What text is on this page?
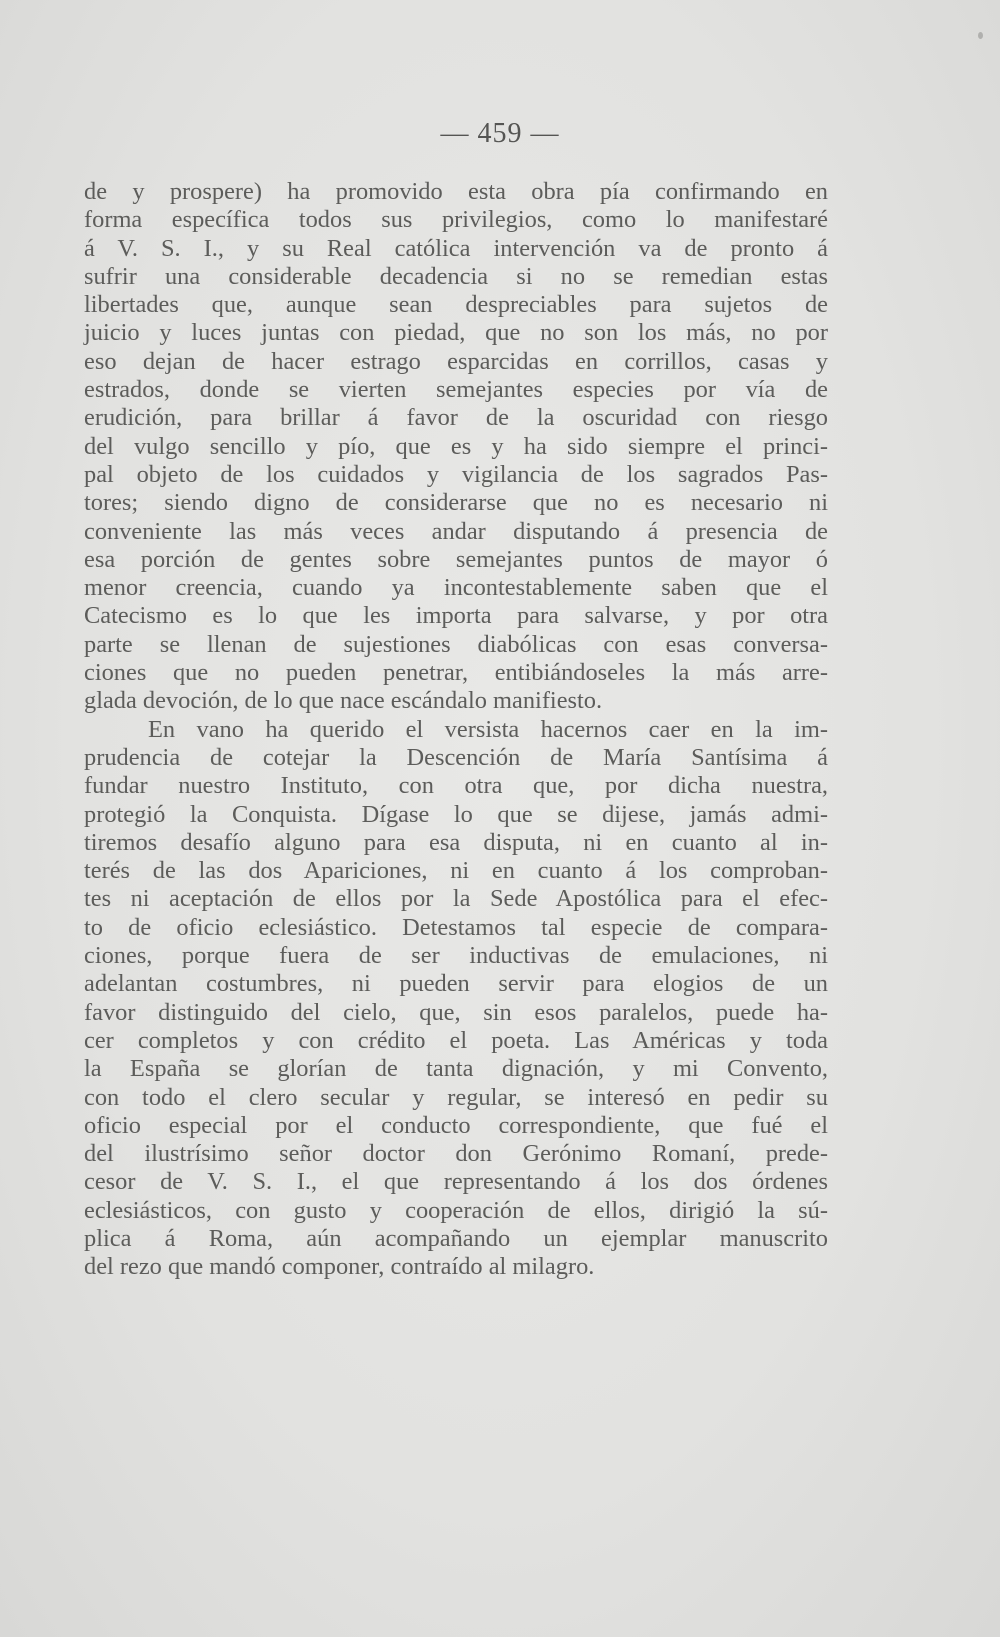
— 459 —
de y prospere) ha promovido esta obra pía confirmando en
forma específica todos sus privilegios, como lo manifestaré
á V. S. I., y su Real católica intervención va de pronto á
sufrir una considerable decadencia si no se remedian estas
libertades que, aunque sean despreciables para sujetos de
juicio y luces juntas con piedad, que no son los más, no por
eso dejan de hacer estrago esparcidas en corrillos, casas y
estrados, donde se vierten semejantes especies por vía de
erudición, para brillar á favor de la oscuridad con riesgo
del vulgo sencillo y pío, que es y ha sido siempre el princi-
pal objeto de los cuidados y vigilancia de los sagrados Pas-
tores; siendo digno de considerarse que no es necesario ni
conveniente las más veces andar disputando á presencia de
esa porción de gentes sobre semejantes puntos de mayor ó
menor creencia, cuando ya incontestablemente saben que el
Catecismo es lo que les importa para salvarse, y por otra
parte se llenan de sujestiones diabólicas con esas conversa-
ciones que no pueden penetrar, entibiándoseles la más arre-
glada devoción, de lo que nace escándalo manifiesto.
En vano ha querido el versista hacernos caer en la im-
prudencia de cotejar la Descención de María Santísima á
fundar nuestro Instituto, con otra que, por dicha nuestra,
protegió la Conquista. Dígase lo que se dijese, jamás admi-
tiremos desafío alguno para esa disputa, ni en cuanto al in-
terés de las dos Apariciones, ni en cuanto á los comproban-
tes ni aceptación de ellos por la Sede Apostólica para el efec-
to de oficio eclesiástico. Detestamos tal especie de compara-
ciones, porque fuera de ser inductivas de emulaciones, ni
adelantan costumbres, ni pueden servir para elogios de un
favor distinguido del cielo, que, sin esos paralelos, puede ha-
cer completos y con crédito el poeta. Las Américas y toda
la España se glorían de tanta dignación, y mi Convento,
con todo el clero secular y regular, se interesó en pedir su
oficio especial por el conducto correspondiente, que fué el
del ilustrísimo señor doctor don Gerónimo Romaní, prede-
cesor de V. S. I., el que representando á los dos órdenes
eclesiásticos, con gusto y cooperación de ellos, dirigió la sú-
plica á Roma, aún acompañando un ejemplar manuscrito
del rezo que mandó componer, contraído al milagro.
